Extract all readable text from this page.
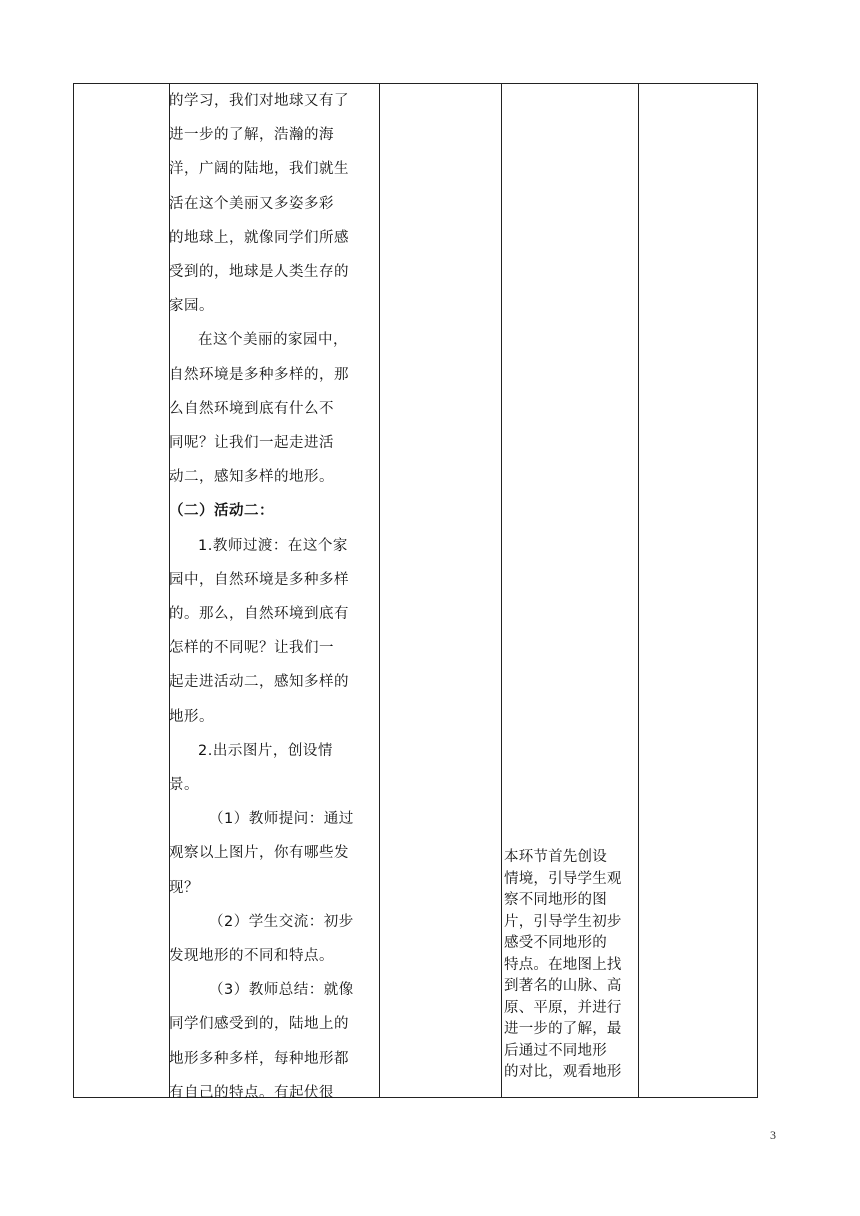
的学习，我们对地球又有了

进一步的了解，浩瀚的海

洋，广阔的陆地，我们就生

活在这个美丽又多姿多彩

的地球上，就像同学们所感

受到的，地球是人类生存的

家园。

在这个美丽的家园中，

自然环境是多种多样的，那

么自然环境到底有什么不

同呢？让我们一起走进活

动二，感知多样的地形。

（二）活动二：

1.教师过渡：在这个家

园中，自然环境是多种多样

的。那么，自然环境到底有

怎样的不同呢？让我们一

起走进活动二，感知多样的

地形。

2.出示图片，创设情

景。

（1）教师提问：通过

观察以上图片，你有哪些发

现？

（2）学生交流：初步

发现地形的不同和特点。

（3）教师总结：就像

同学们感受到的，陆地上的

地形多种多样，每种地形都

有自己的特点。有起伏很

本环节首先创设

情境，引导学生观

察不同地形的图

片，引导学生初步

感受不同地形的

特点。在地图上找

到著名的山脉、高

原、平原，并进行

进一步的了解，最

后通过不同地形

的对比，观看地形

3
